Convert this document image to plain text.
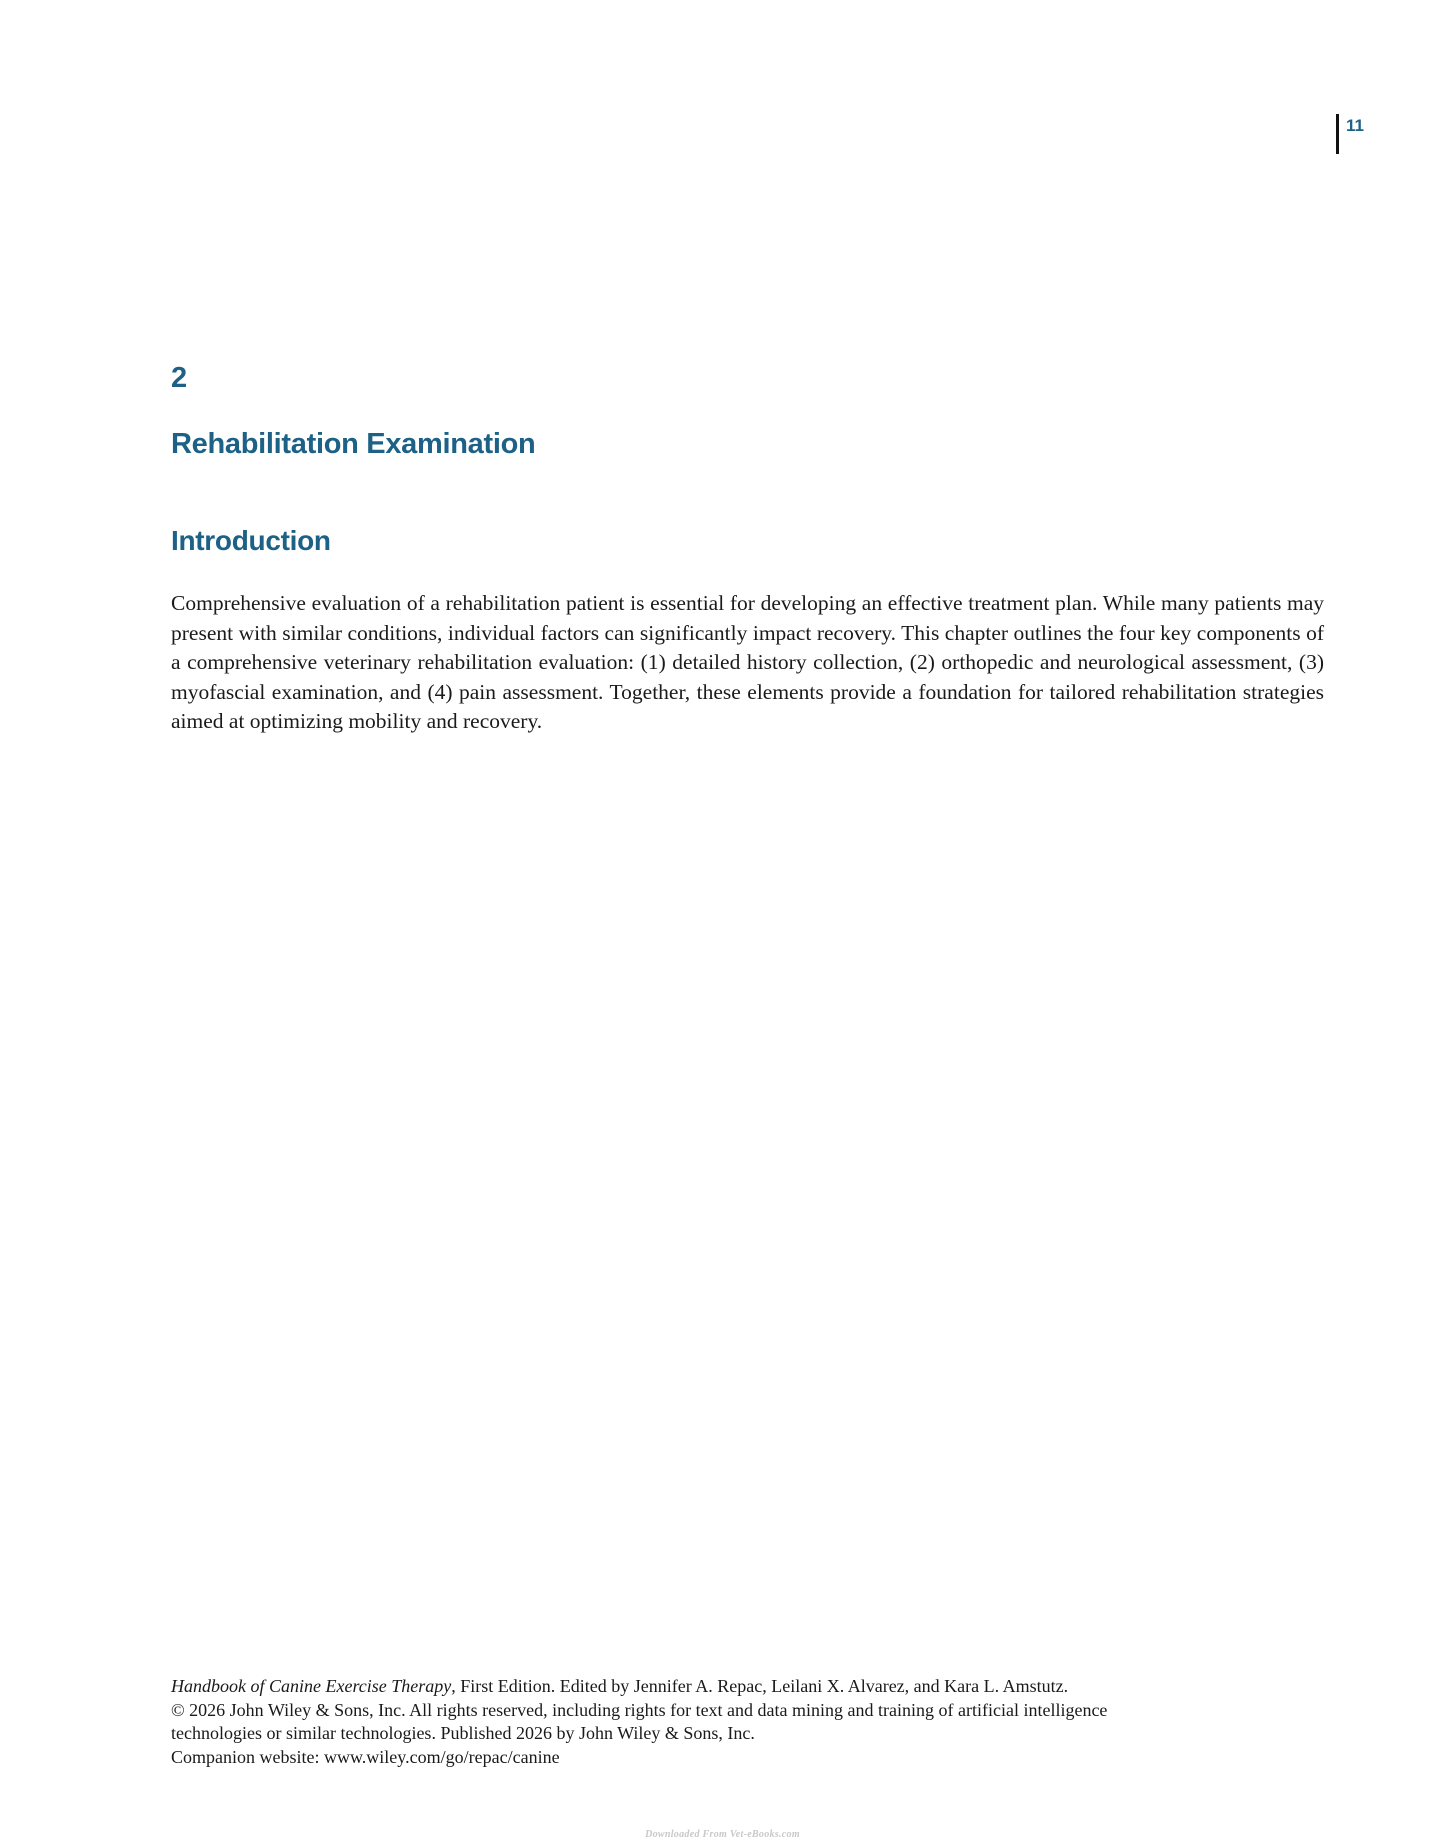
11
2
Rehabilitation Examination
Introduction

Comprehensive evaluation of a rehabilitation patient is essential for developing an effective treatment plan. While many patients may present with similar conditions, individual factors can significantly impact recovery. This chapter outlines the four key components of a comprehensive veterinary rehabilitation evaluation: (1) detailed history collection, (2) orthopedic and neurological assessment, (3) myofascial examination, and (4) pain assessment. Together, these elements provide a foundation for tailored rehabilitation strategies aimed at optimizing mobility and recovery.

Handbook of Canine Exercise Therapy, First Edition. Edited by Jennifer A. Repac, Leilani X. Alvarez, and Kara L. Amstutz.
© 2026 John Wiley & Sons, Inc. All rights reserved, including rights for text and data mining and training of artificial intelligence
technologies or similar technologies. Published 2026 by John Wiley & Sons, Inc.
Companion website: www.wiley.com/go/repac/canine
Downloaded From Vet-eBooks.com
